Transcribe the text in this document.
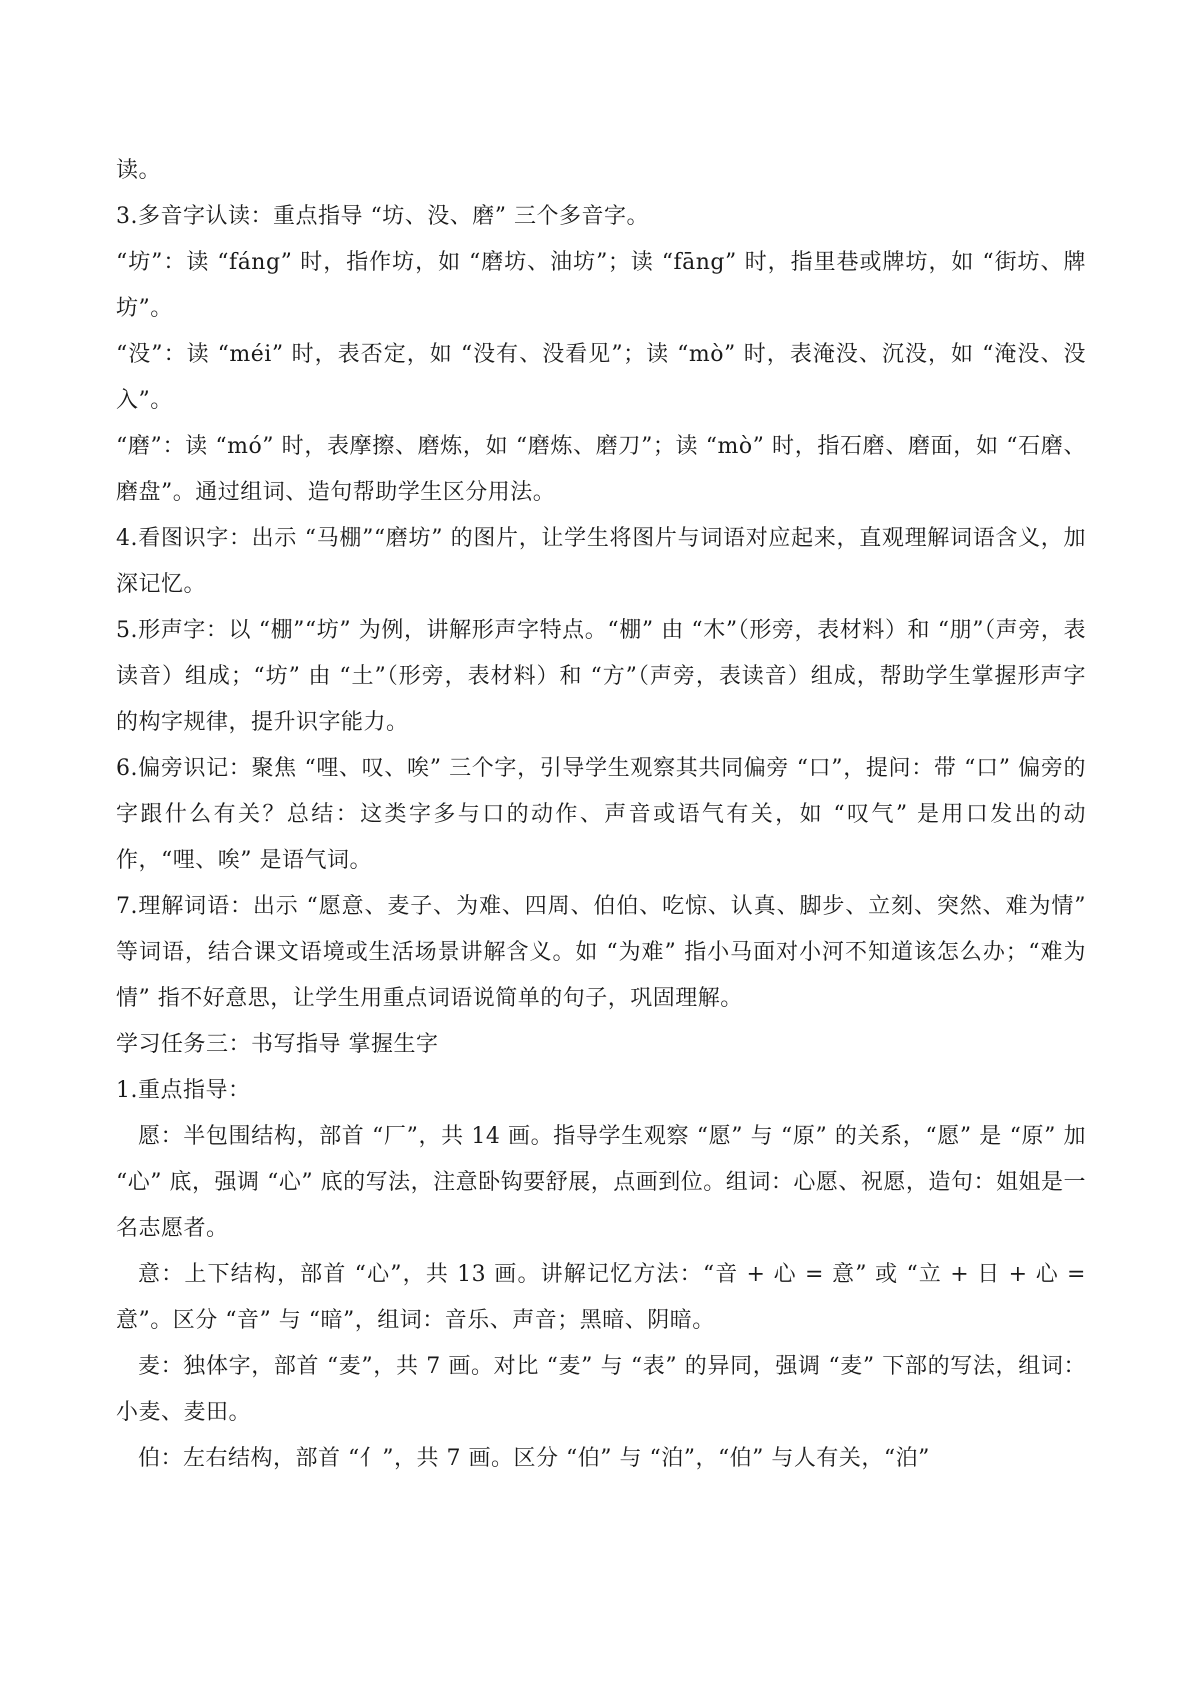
读。

3.多音字认读：重点指导 “坊、没、磨” 三个多音字。

“坊”：读 “fáng” 时，指作坊，如 “磨坊、油坊”；读 “fāng” 时，指里巷或牌坊，如 “街坊、牌坊”。

“没”：读 “méi” 时，表否定，如 “没有、没看见”；读 “mò” 时，表淹没、沉没，如 “淹没、没入”。

“磨”：读 “mó” 时，表摩擦、磨炼，如 “磨炼、磨刀”；读 “mò” 时，指石磨、磨面，如 “石磨、磨盘”。通过组词、造句帮助学生区分用法。

4.看图识字：出示 “马棚”“磨坊” 的图片，让学生将图片与词语对应起来，直观理解词语含义，加深记忆。

5.形声字：以 “棚”“坊” 为例，讲解形声字特点。“棚” 由 “木”（形旁，表材料）和 “朋”（声旁，表读音）组成；“坊” 由 “土”（形旁，表材料）和 “方”（声旁，表读音）组成，帮助学生掌握形声字的构字规律，提升识字能力。

6.偏旁识记：聚焦 “哩、叹、唉” 三个字，引导学生观察其共同偏旁 “口”，提问：带 “口” 偏旁的字跟什么有关？总结：这类字多与口的动作、声音或语气有关，如 “叹气” 是用口发出的动作，“哩、唉” 是语气词。

7.理解词语：出示 “愿意、麦子、为难、四周、伯伯、吃惊、认真、脚步、立刻、突然、难为情” 等词语，结合课文语境或生活场景讲解含义。如 “为难” 指小马面对小河不知道该怎么办；“难为情” 指不好意思，让学生用重点词语说简单的句子，巩固理解。

学习任务三：书写指导 掌握生字

1.重点指导：

愿：半包围结构，部首 “厂”，共 14 画。指导学生观察 “愿” 与 “原” 的关系，“愿” 是 “原” 加 “心” 底，强调 “心” 底的写法，注意卧钩要舒展，点画到位。组词：心愿、祝愿，造句：姐姐是一名志愿者。

意：上下结构，部首 “心”，共 13 画。讲解记忆方法：“音 + 心 = 意” 或 “立 + 日 + 心 = 意”。区分 “音” 与 “暗”，组词：音乐、声音；黑暗、阴暗。

麦：独体字，部首 “麦”，共 7 画。对比 “麦” 与 “表” 的异同，强调 “麦” 下部的写法，组词：小麦、麦田。

伯：左右结构，部首 “亻”，共 7 画。区分 “伯” 与 “泊”，“伯” 与人有关，“泊”
